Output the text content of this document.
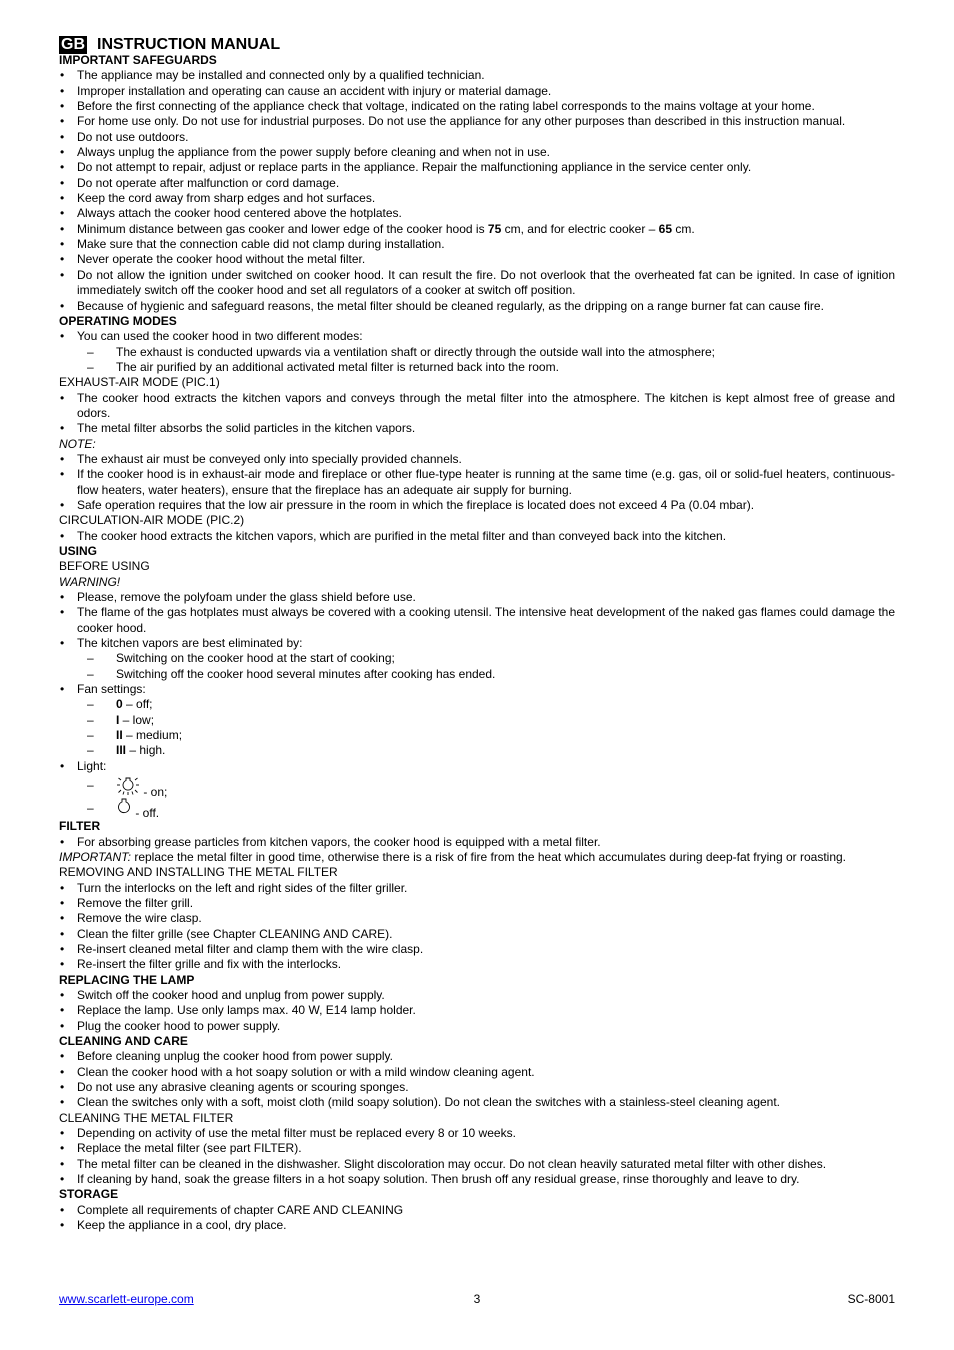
GB INSTRUCTION MANUAL
IMPORTANT SAFEGUARDS
• The appliance may be installed and connected only by a qualified technician.
• Improper installation and operating can cause an accident with injury or material damage.
• Before the first connecting of the appliance check that voltage, indicated on the rating label corresponds to the mains voltage at your home.
• For home use only. Do not use for industrial purposes. Do not use the appliance for any other purposes than described in this instruction manual.
• Do not use outdoors.
• Always unplug the appliance from the power supply before cleaning and when not in use.
• Do not attempt to repair, adjust or replace parts in the appliance. Repair the malfunctioning appliance in the service center only.
• Do not operate after malfunction or cord damage.
• Keep the cord away from sharp edges and hot surfaces.
• Always attach the cooker hood centered above the hotplates.
• Minimum distance between gas cooker and lower edge of the cooker hood is 75 cm, and for electric cooker – 65 cm.
• Make sure that the connection cable did not clamp during installation.
• Never operate the cooker hood without the metal filter.
• Do not allow the ignition under switched on cooker hood. It can result the fire. Do not overlook that the overheated fat can be ignited. In case of ignition immediately switch off the cooker hood and set all regulators of a cooker at switch off position.
• Because of hygienic and safeguard reasons, the metal filter should be cleaned regularly, as the dripping on a range burner fat can cause fire.
OPERATING MODES
• You can used the cooker hood in two different modes:
– The exhaust is conducted upwards via a ventilation shaft or directly through the outside wall into the atmosphere;
– The air purified by an additional activated metal filter is returned back into the room.
EXHAUST-AIR MODE (PIC.1)
• The cooker hood extracts the kitchen vapors and conveys through the metal filter into the atmosphere. The kitchen is kept almost free of grease and odors.
• The metal filter absorbs the solid particles in the kitchen vapors.
NOTE:
• The exhaust air must be conveyed only into specially provided channels.
• If the cooker hood is in exhaust-air mode and fireplace or other flue-type heater is running at the same time (e.g. gas, oil or solid-fuel heaters, continuous-flow heaters, water heaters), ensure that the fireplace has an adequate air supply for burning.
• Safe operation requires that the low air pressure in the room in which the fireplace is located does not exceed 4 Pa (0.04 mbar).
CIRCULATION-AIR MODE (PIC.2)
• The cooker hood extracts the kitchen vapors, which are purified in the metal filter and than conveyed back into the kitchen.
USING
BEFORE USING
WARNING!
• Please, remove the polyfoam under the glass shield before use.
• The flame of the gas hotplates must always be covered with a cooking utensil. The intensive heat development of the naked gas flames could damage the cooker hood.
• The kitchen vapors are best eliminated by:
– Switching on the cooker hood at the start of cooking;
– Switching off the cooker hood several minutes after cooking has ended.
• Fan settings:
– 0 – off;
– I – low;
– II – medium;
– III – high.
• Light:
– - on;
– - off.
FILTER
• For absorbing grease particles from kitchen vapors, the cooker hood is equipped with a metal filter.
IMPORTANT: replace the metal filter in good time, otherwise there is a risk of fire from the heat which accumulates during deep-fat frying or roasting.
REMOVING AND INSTALLING THE METAL FILTER
• Turn the interlocks on the left and right sides of the filter griller.
• Remove the filter grill.
• Remove the wire clasp.
• Clean the filter grille (see Chapter CLEANING AND CARE).
• Re-insert cleaned metal filter and clamp them with the wire clasp.
• Re-insert the filter grille and fix with the interlocks.
REPLACING THE LAMP
• Switch off the cooker hood and unplug from power supply.
• Replace the lamp. Use only lamps max. 40 W, E14 lamp holder.
• Plug the cooker hood to power supply.
CLEANING AND CARE
• Before cleaning unplug the cooker hood from power supply.
• Clean the cooker hood with a hot soapy solution or with a mild window cleaning agent.
• Do not use any abrasive cleaning agents or scouring sponges.
• Clean the switches only with a soft, moist cloth (mild soapy solution). Do not clean the switches with a stainless-steel cleaning agent.
CLEANING THE METAL FILTER
• Depending on activity of use the metal filter must be replaced every 8 or 10 weeks.
• Replace the metal filter (see part FILTER).
• The metal filter can be cleaned in the dishwasher. Slight discoloration may occur. Do not clean heavily saturated metal filter with other dishes.
• If cleaning by hand, soak the grease filters in a hot soapy solution. Then brush off any residual grease, rinse thoroughly and leave to dry.
STORAGE
• Complete all requirements of chapter CARE AND CLEANING
• Keep the appliance in a cool, dry place.
3
www.scarlett-europe.com	SC-8001
